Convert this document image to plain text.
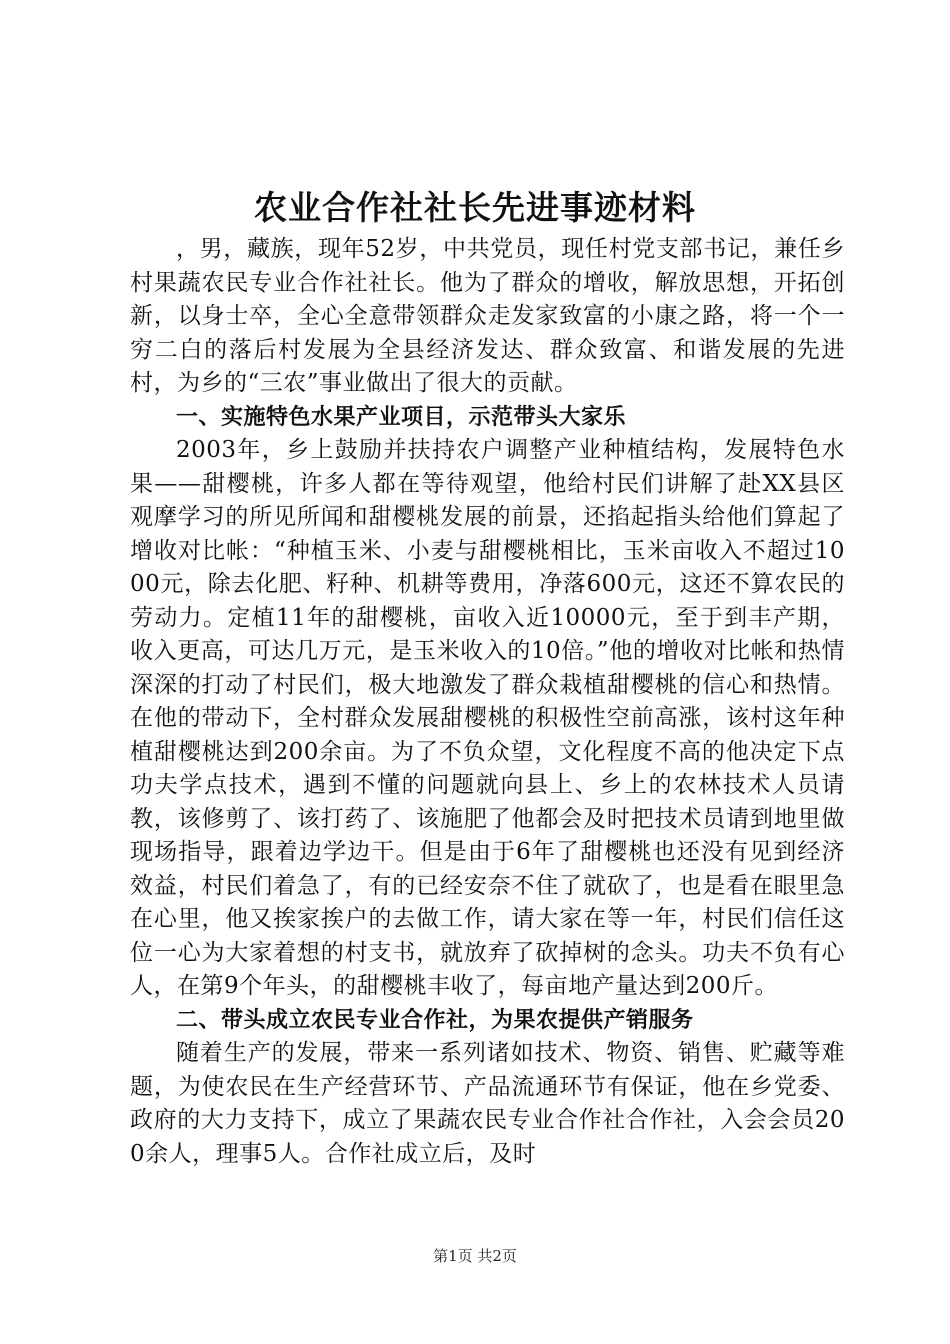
农业合作社社长先进事迹材料

，男，藏族，现年52岁，中共党员，现任村党支部书记，兼任乡村果蔬农民专业合作社社长。他为了群众的增收，解放思想，开拓创新，以身士卒，全心全意带领群众走发家致富的小康之路，将一个一穷二白的落后村发展为全县经济发达、群众致富、和谐发展的先进村，为乡的“三农”事业做出了很大的贡献。

一、实施特色水果产业项目，示范带头大家乐

2003年，乡上鼓励并扶持农户调整产业种植结构，发展特色水果——甜樱桃，许多人都在等待观望，他给村民们讲解了赴XX县区观摩学习的所见所闻和甜樱桃发展的前景，还掐起指头给他们算起了增收对比帐：“种植玉米、小麦与甜樱桃相比，玉米亩收入不超过1000元，除去化肥、籽种、机耕等费用，净落600元，这还不算农民的劳动力。定植11年的甜樱桃，亩收入近10000元，至于到丰产期，收入更高，可达几万元，是玉米收入的10倍。”他的增收对比帐和热情深深的打动了村民们，极大地激发了群众栽植甜樱桃的信心和热情。在他的带动下，全村群众发展甜樱桃的积极性空前高涨，该村这年种植甜樱桃达到200余亩。为了不负众望，文化程度不高的他决定下点功夫学点技术，遇到不懂的问题就向县上、乡上的农林技术人员请教，该修剪了、该打药了、该施肥了他都会及时把技术员请到地里做现场指导，跟着边学边干。但是由于6年了甜樱桃也还没有见到经济效益，村民们着急了，有的已经安奈不住了就砍了，也是看在眼里急在心里，他又挨家挨户的去做工作，请大家在等一年，村民们信任这位一心为大家着想的村支书，就放弃了砍掉树的念头。功夫不负有心人，在第9个年头，的甜樱桃丰收了，每亩地产量达到200斤。

二、带头成立农民专业合作社，为果农提供产销服务

随着生产的发展，带来一系列诸如技术、物资、销售、贮藏等难题，为使农民在生产经营环节、产品流通环节有保证，他在乡党委、政府的大力支持下，成立了果蔬农民专业合作社合作社，入会会员200余人，理事5人。合作社成立后，及时

第1页 共2页
